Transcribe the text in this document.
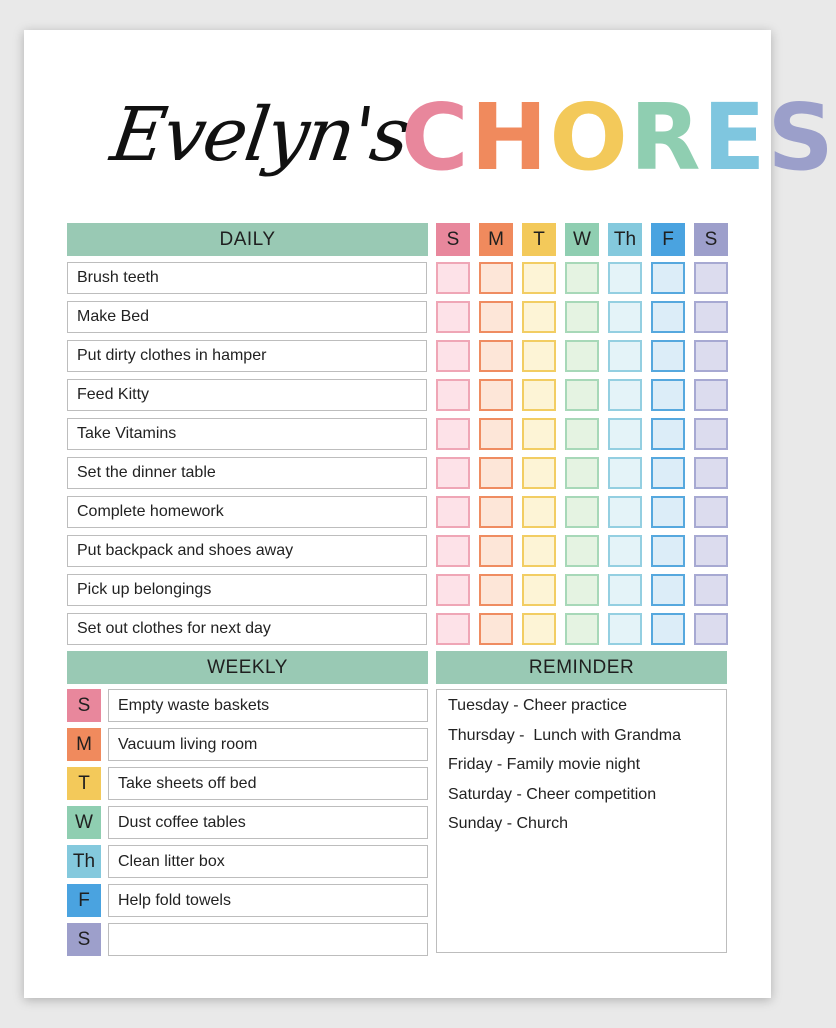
Evelyn's
C H O R E S
DAILY	S	M	T	W	Th	F	S
Brush teeth
Make Bed
Put dirty clothes in hamper
Feed Kitty
Take Vitamins
Set the dinner table
Complete homework
Put backpack and shoes away
Pick up belongings
Set out clothes for next day
WEEKLY
S	Empty waste baskets
M	Vacuum living room
T	Take sheets off bed
W	Dust coffee tables
Th	Clean litter box
F	Help fold towels
S
REMINDER
Tuesday - Cheer practice
Thursday -  Lunch with Grandma
Friday - Family movie night
Saturday - Cheer competition
Sunday - Church
